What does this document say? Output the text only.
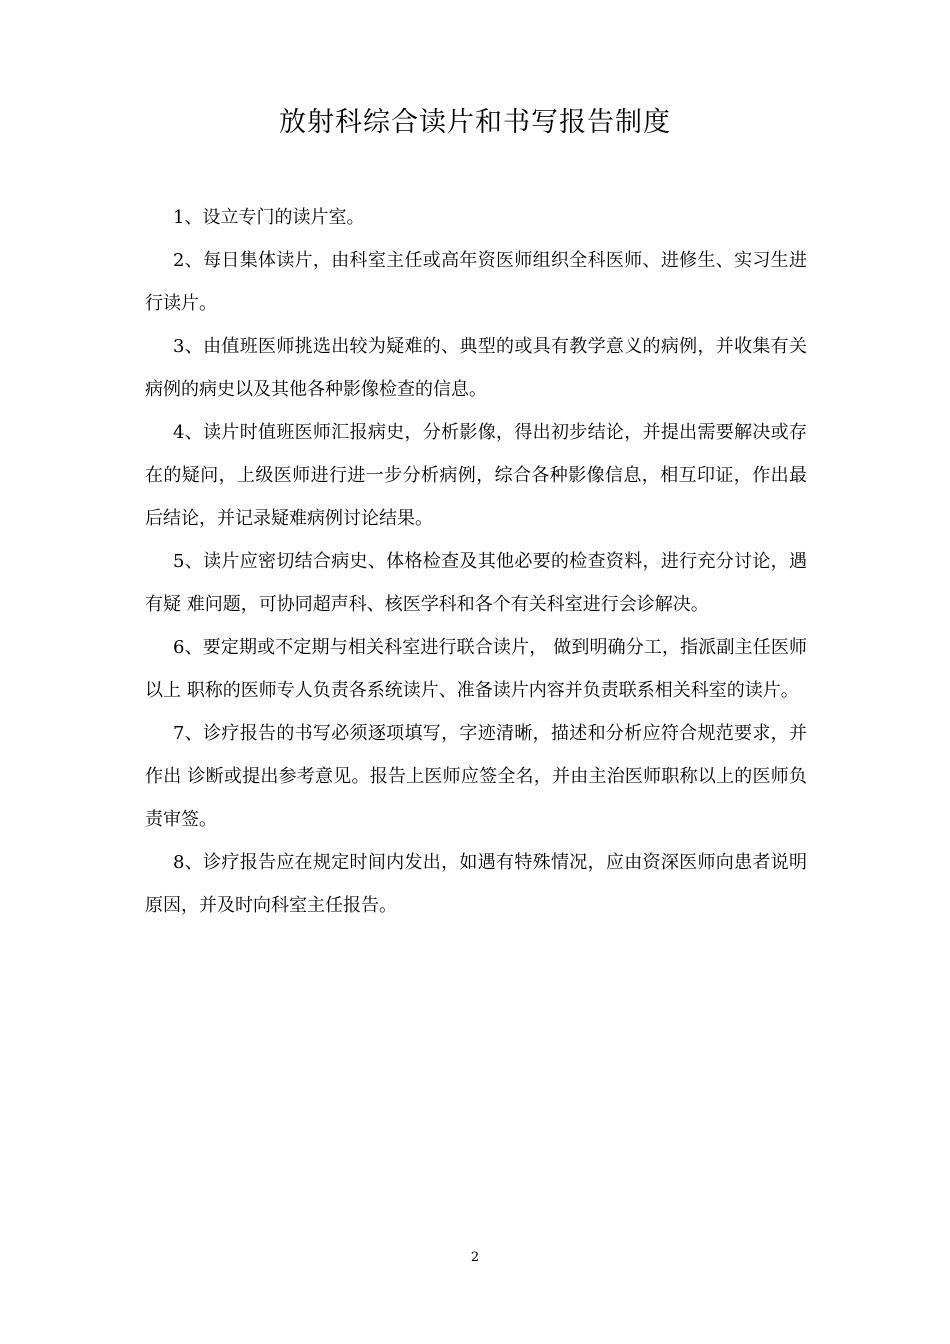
放射科综合读片和书写报告制度

1、设立专门的读片室。

2、每日集体读片，由科室主任或高年资医师组织全科医师、进修生、实习生进行读片。

3、由值班医师挑选出较为疑难的、典型的或具有教学意义的病例，并收集有关病例的病史以及其他各种影像检查的信息。

4、读片时值班医师汇报病史，分析影像，得出初步结论，并提出需要解决或存在的疑问，上级医师进行进一步分析病例，综合各种影像信息，相互印证，作出最后结论，并记录疑难病例讨论结果。

5、读片应密切结合病史、体格检查及其他必要的检查资料，进行充分讨论，遇有疑 难问题，可协同超声科、核医学科和各个有关科室进行会诊解决。

6、要定期或不定期与相关科室进行联合读片， 做到明确分工，指派副主任医师以上 职称的医师专人负责各系统读片、准备读片内容并负责联系相关科室的读片。

7、诊疗报告的书写必须逐项填写，字迹清晰，描述和分析应符合规范要求，并作出 诊断或提出参考意见。报告上医师应签全名，并由主治医师职称以上的医师负责审签。

8、诊疗报告应在规定时间内发出，如遇有特殊情况，应由资深医师向患者说明原因，并及时向科室主任报告。

2
